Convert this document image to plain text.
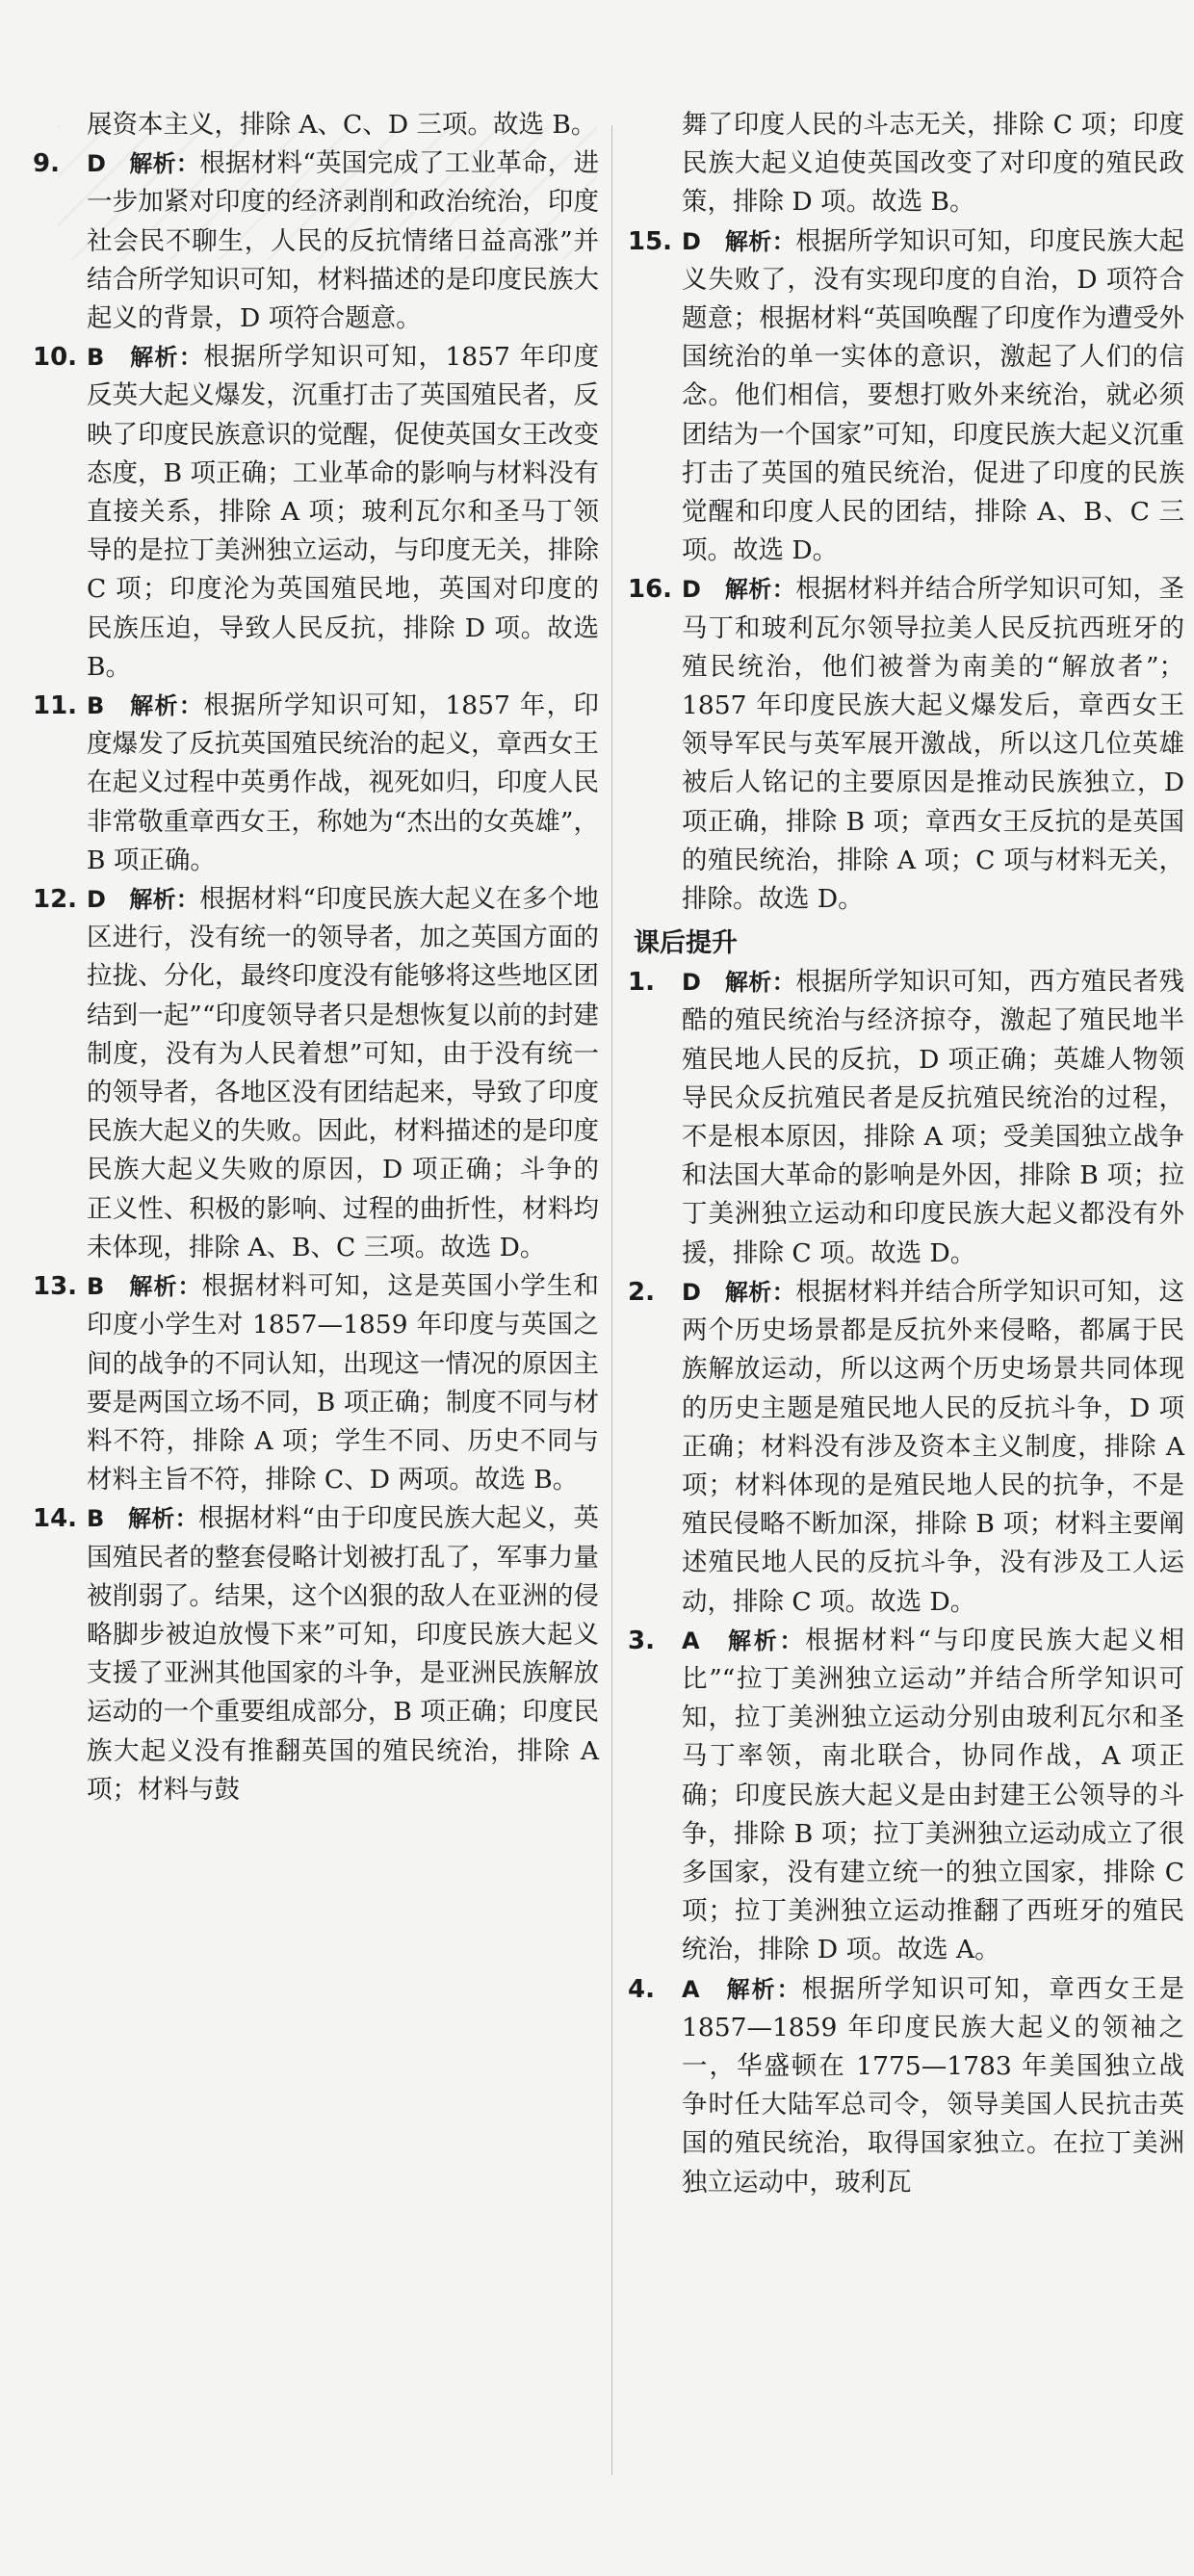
展资本主义，排除 A、C、D 三项。故选 B。

9. D　解析：根据材料“英国完成了工业革命，进一步加紧对印度的经济剥削和政治统治，印度社会民不聊生，人民的反抗情绪日益高涨”并结合所学知识可知，材料描述的是印度民族大起义的背景，D 项符合题意。

10. B　解析：根据所学知识可知，1857 年印度反英大起义爆发，沉重打击了英国殖民者，反映了印度民族意识的觉醒，促使英国女王改变态度，B 项正确；工业革命的影响与材料没有直接关系，排除 A 项；玻利瓦尔和圣马丁领导的是拉丁美洲独立运动，与印度无关，排除 C 项；印度沦为英国殖民地，英国对印度的民族压迫，导致人民反抗，排除 D 项。故选 B。

11. B　解析：根据所学知识可知，1857 年，印度爆发了反抗英国殖民统治的起义，章西女王在起义过程中英勇作战，视死如归，印度人民非常敬重章西女王，称她为“杰出的女英雄”，B 项正确。

12. D　解析：根据材料“印度民族大起义在多个地区进行，没有统一的领导者，加之英国方面的拉拢、分化，最终印度没有能够将这些地区团结到一起”“印度领导者只是想恢复以前的封建制度，没有为人民着想”可知，由于没有统一的领导者，各地区没有团结起来，导致了印度民族大起义的失败。因此，材料描述的是印度民族大起义失败的原因，D 项正确；斗争的正义性、积极的影响、过程的曲折性，材料均未体现，排除 A、B、C 三项。故选 D。

13. B　解析：根据材料可知，这是英国小学生和印度小学生对 1857—1859 年印度与英国之间的战争的不同认知，出现这一情况的原因主要是两国立场不同，B 项正确；制度不同与材料不符，排除 A 项；学生不同、历史不同与材料主旨不符，排除 C、D 两项。故选 B。

14. B　解析：根据材料“由于印度民族大起义，英国殖民者的整套侵略计划被打乱了，军事力量被削弱了。结果，这个凶狠的敌人在亚洲的侵略脚步被迫放慢下来”可知，印度民族大起义支援了亚洲其他国家的斗争，是亚洲民族解放运动的一个重要组成部分，B 项正确；印度民族大起义没有推翻英国的殖民统治，排除 A 项；材料与鼓

舞了印度人民的斗志无关，排除 C 项；印度民族大起义迫使英国改变了对印度的殖民政策，排除 D 项。故选 B。

15. D　解析：根据所学知识可知，印度民族大起义失败了，没有实现印度的自治，D 项符合题意；根据材料“英国唤醒了印度作为遭受外国统治的单一实体的意识，激起了人们的信念。他们相信，要想打败外来统治，就必须团结为一个国家”可知，印度民族大起义沉重打击了英国的殖民统治，促进了印度的民族觉醒和印度人民的团结，排除 A、B、C 三项。故选 D。

16. D　解析：根据材料并结合所学知识可知，圣马丁和玻利瓦尔领导拉美人民反抗西班牙的殖民统治，他们被誉为南美的“解放者”；1857 年印度民族大起义爆发后，章西女王领导军民与英军展开激战，所以这几位英雄被后人铭记的主要原因是推动民族独立，D 项正确，排除 B 项；章西女王反抗的是英国的殖民统治，排除 A 项；C 项与材料无关，排除。故选 D。

课后提升

1. D　解析：根据所学知识可知，西方殖民者残酷的殖民统治与经济掠夺，激起了殖民地半殖民地人民的反抗，D 项正确；英雄人物领导民众反抗殖民者是反抗殖民统治的过程，不是根本原因，排除 A 项；受美国独立战争和法国大革命的影响是外因，排除 B 项；拉丁美洲独立运动和印度民族大起义都没有外援，排除 C 项。故选 D。

2. D　解析：根据材料并结合所学知识可知，这两个历史场景都是反抗外来侵略，都属于民族解放运动，所以这两个历史场景共同体现的历史主题是殖民地人民的反抗斗争，D 项正确；材料没有涉及资本主义制度，排除 A 项；材料体现的是殖民地人民的抗争，不是殖民侵略不断加深，排除 B 项；材料主要阐述殖民地人民的反抗斗争，没有涉及工人运动，排除 C 项。故选 D。

3. A　解析：根据材料“与印度民族大起义相比”“拉丁美洲独立运动”并结合所学知识可知，拉丁美洲独立运动分别由玻利瓦尔和圣马丁率领，南北联合，协同作战，A 项正确；印度民族大起义是由封建王公领导的斗争，排除 B 项；拉丁美洲独立运动成立了很多国家，没有建立统一的独立国家，排除 C 项；拉丁美洲独立运动推翻了西班牙的殖民统治，排除 D 项。故选 A。

4. A　解析：根据所学知识可知，章西女王是 1857—1859 年印度民族大起义的领袖之一，华盛顿在 1775—1783 年美国独立战争时任大陆军总司令，领导美国人民抗击英国的殖民统治，取得国家独立。在拉丁美洲独立运动中，玻利瓦
